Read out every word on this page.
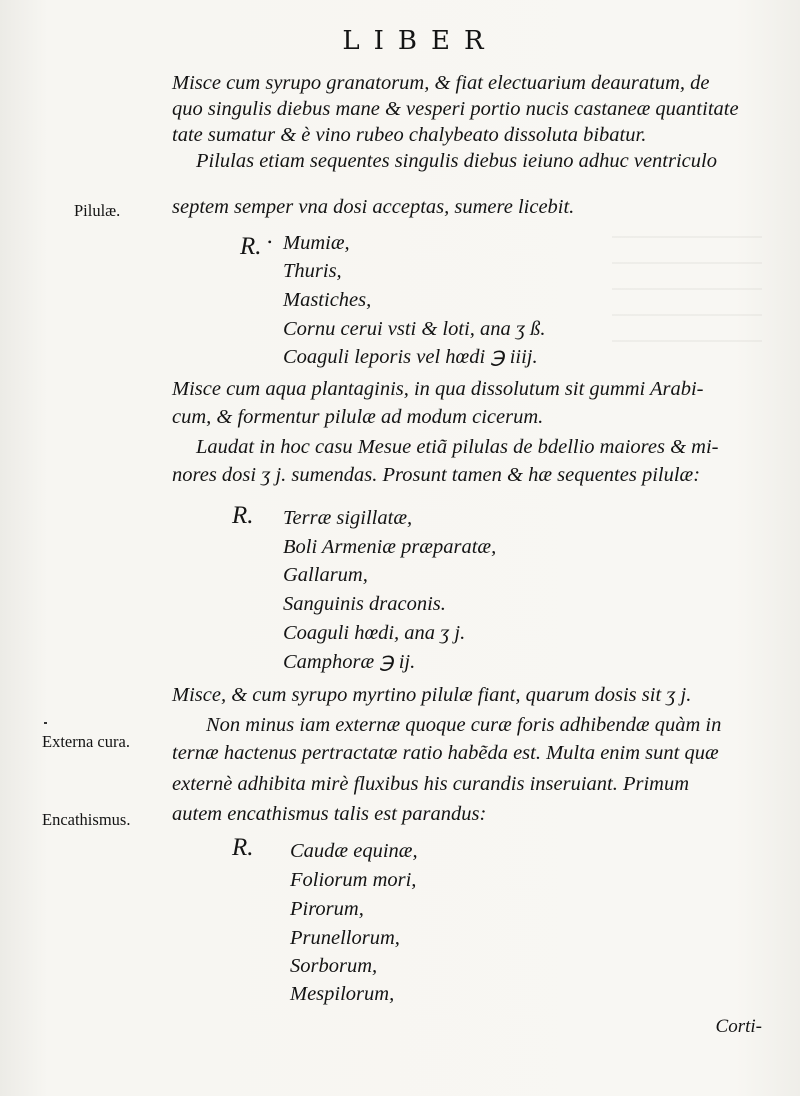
LIBER
Misce cum syrupo granatorum, & fiat electuarium deauratum, de
quo singulis diebus mane & vesperi portio nucis castaneæ quantitate
tate sumatur & è vino rubeo chalybeato dissoluta bibatur.
Pilulas etiam sequentes singulis diebus ieiuno adhuc ventriculo
septem semper vna dosi acceptas, sumere licebit.
Pilulæ.
R. • Mumiæ,
Thuris,
Mastiches,
Cornu cerui vsti & loti, ana ʒ ß.
Coaguli leporis vel hœdi ℈ iiij.
Misce cum aqua plantaginis, in qua dissolutum sit gummi Arabi-
cum, & formentur pilulæ ad modum cicerum.
Laudat in hoc casu Mesue etiã pilulas de bdellio maiores & mi-
nores dosi ʒ j. sumendas. Prosunt tamen & hæ sequentes pilulæ:
R. Terræ sigillatæ,
Boli Armeniæ præparatæ,
Gallarum,
Sanguinis draconis.
Coaguli hœdi, ana ʒ j.
Camphoræ ℈ ij.
Misce, & cum syrupo myrtino pilulæ fiant, quarum dosis sit ʒ j.
Non minus iam externæ quoque curæ foris adhibendæ quàm in
ternæ hactenus pertractatæ ratio habẽda est. Multa enim sunt quæ
Externa cura.
externè adhibita mirè fluxibus his curandis inseruiant. Primum
autem encathismus talis est parandus:
Encathismus.
R. Caudæ equinæ,
Foliorum mori,
Pirorum,
Prunellorum,
Sorborum,
Mespilorum,
Corti-
